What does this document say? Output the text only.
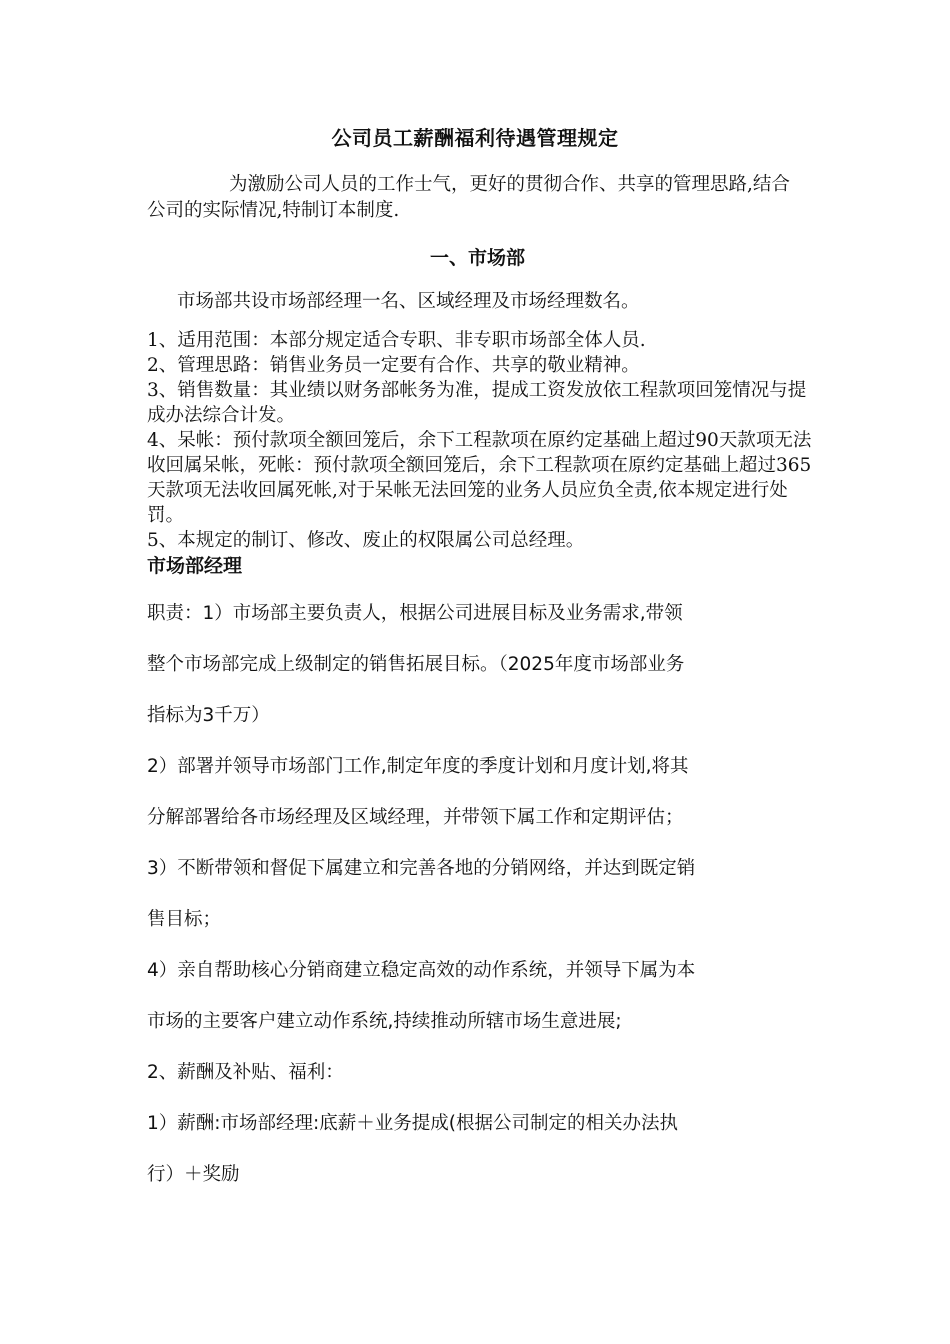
公司员工薪酬福利待遇管理规定

为激励公司人员的工作士气，更好的贯彻合作、共享的管理思路,结合公司的实际情况,特制订本制度.

一、市场部

市场部共设市场部经理一名、区域经理及市场经理数名。

1、适用范围：本部分规定适合专职、非专职市场部全体人员.

2、管理思路：销售业务员一定要有合作、共享的敬业精神。

3、销售数量：其业绩以财务部帐务为准，提成工资发放依工程款项回笼情况与提成办法综合计发。

4、呆帐：预付款项全额回笼后，余下工程款项在原约定基础上超过90天款项无法收回属呆帐，死帐：预付款项全额回笼后，余下工程款项在原约定基础上超过365天款项无法收回属死帐,对于呆帐无法回笼的业务人员应负全责,依本规定进行处罚。

5、本规定的制订、修改、废止的权限属公司总经理。

市场部经理

职责：1）市场部主要负责人，根据公司进展目标及业务需求,带领

整个市场部完成上级制定的销售拓展目标。（2025年度市场部业务

指标为3千万）

2）部署并领导市场部门工作,制定年度的季度计划和月度计划,将其

分解部署给各市场经理及区域经理，并带领下属工作和定期评估；

3）不断带领和督促下属建立和完善各地的分销网络，并达到既定销

售目标；

4）亲自帮助核心分销商建立稳定高效的动作系统，并领导下属为本

市场的主要客户建立动作系统,持续推动所辖市场生意进展;

2、薪酬及补贴、福利：

1）薪酬:市场部经理:底薪＋业务提成(根据公司制定的相关办法执

行）＋奖励
